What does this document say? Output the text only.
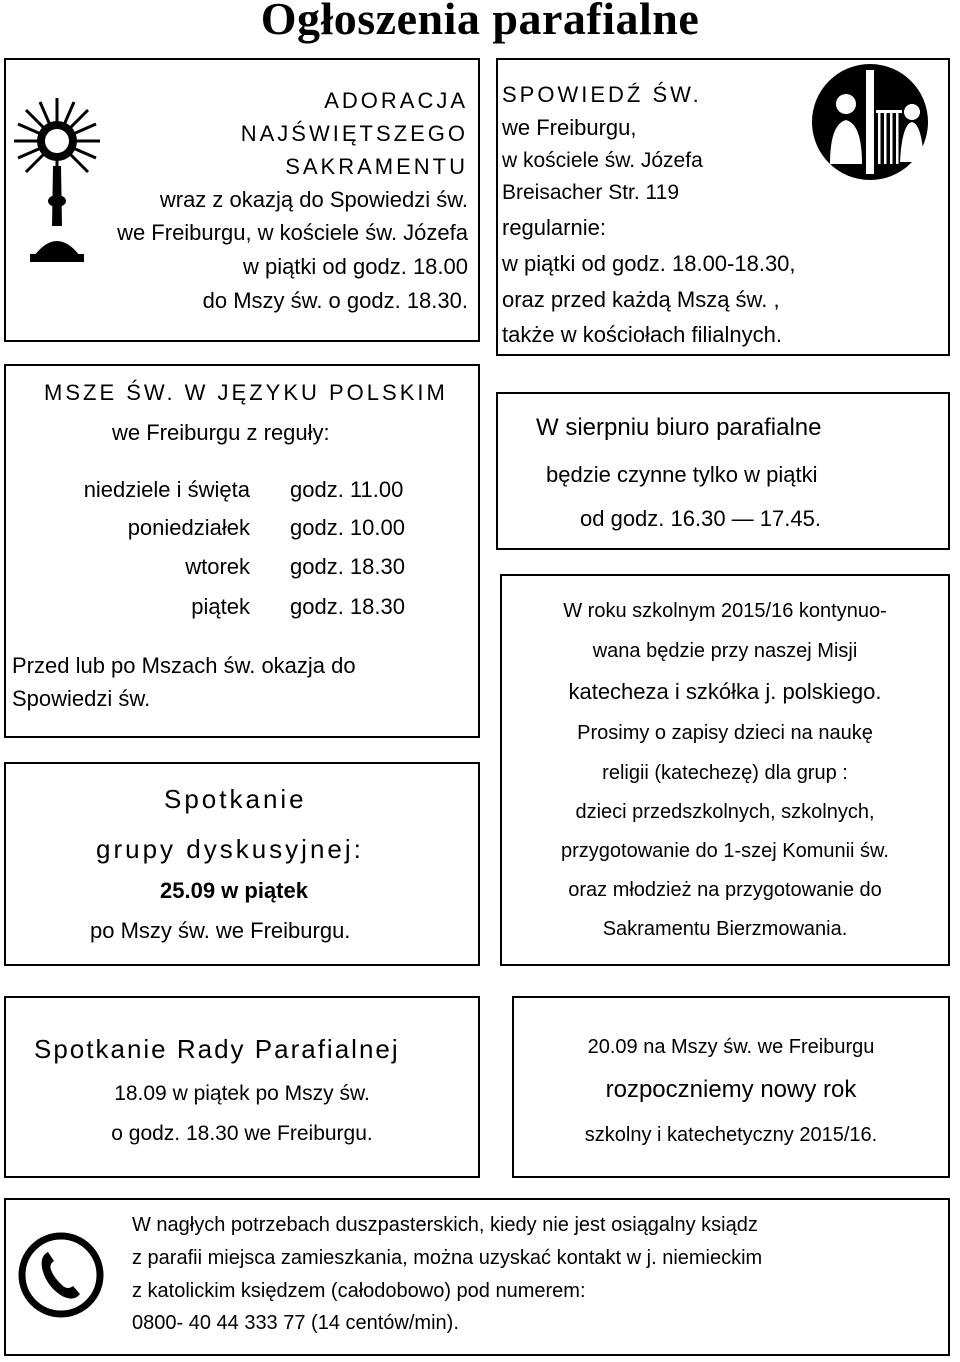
Ogłoszenia parafialne
ADORACJA
NAJŚWIĘTSZEGO
SAKRAMENTU
wraz z okazją do Spowiedzi św.
we Freiburgu, w kościele św. Józefa
w piątki od godz. 18.00
do Mszy św. o godz. 18.30.
MSZE ŚW. W JĘZYKU POLSKIM
we Freiburgu z reguły:
niedziele i święta godz. 11.00
poniedziałek godz. 10.00
wtorek godz. 18.30
piątek godz. 18.30
Przed lub po Mszach św. okazja do
Spowiedzi św.
Spotkanie
grupy dyskusyjnej:
25.09 w piątek
po Mszy św. we Freiburgu.
SPOWIEDŹ ŚW.
we Freiburgu,
w kościele św. Józefa
Breisacher Str. 119
regularnie:
w piątki od godz. 18.00-18.30,
oraz przed każdą Mszą św. ,
także w kościołach filialnych.
W sierpniu biuro parafialne
będzie czynne tylko w piątki
od godz. 16.30 — 17.45.
W roku szkolnym 2015/16 kontynuo-
wana będzie przy naszej Misji
katecheza i szkółka j. polskiego.
Prosimy o zapisy dzieci na naukę
religii (katechezę) dla grup :
dzieci przedszkolnych, szkolnych,
przygotowanie do 1-szej Komunii św.
oraz młodzież na przygotowanie do
Sakramentu Bierzmowania.
Spotkanie Rady Parafialnej
18.09 w piątek po Mszy św.
o godz. 18.30 we Freiburgu.
20.09 na Mszy św. we Freiburgu
rozpoczniemy nowy rok
szkolny i katechetyczny 2015/16.
W nagłych potrzebach duszpasterskich, kiedy nie jest osiągalny ksiądz
z parafii miejsca zamieszkania, można uzyskać kontakt w j. niemieckim
z katolickim księdzem (całodobowo) pod numerem:
0800- 40 44 333 77 (14 centów/min).
